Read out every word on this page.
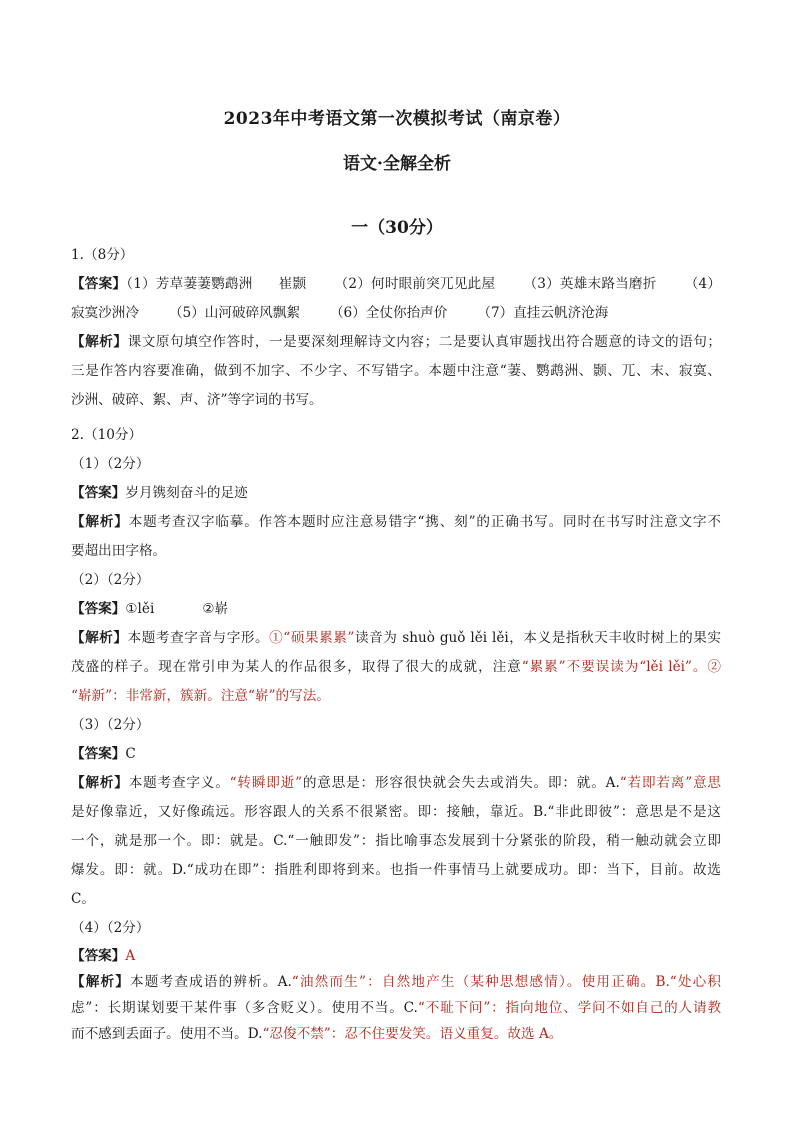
2023年中考语文第一次模拟考试（南京卷）
语文·全解全析
一（30分）
1.（8分）
【答案】（1）芳草萋萋鹦鹉洲 崔颢 （2）何时眼前突兀见此屋 （3）英雄末路当磨折 （4）
寂寞沙洲冷 （5）山河破碎风飘絮 （6）全仗你抬声价 （7）直挂云帆济沧海
【解析】课文原句填空作答时，一是要深刻理解诗文内容；二是要认真审题找出符合题意的诗文的语句；
三是作答内容要准确，做到不加字、不少字、不写错字。本题中注意“萋、鹦鹉洲、颢、兀、末、寂寞、
沙洲、破碎、絮、声、济”等字词的书写。
2.（10分）
（1）（2分）
【答案】岁月镌刻奋斗的足迹
【解析】本题考查汉字临摹。作答本题时应注意易错字“携、刻”的正确书写。同时在书写时注意文字不
要超出田字格。
（2）（2分）
【答案】①lěi	②崭
【解析】本题考查字音与字形。①“硕果累累”读音为 shuò guǒ lěi lěi，本义是指秋天丰收时树上的果实
茂盛的样子。现在常引申为某人的作品很多，取得了很大的成就，注意“累累”不要误读为“lěi lěi”。②
“崭新”：非常新，簇新。注意“崭”的写法。
（3）（2分）
【答案】C
【解析】本题考查字义。“转瞬即逝”的意思是：形容很快就会失去或消失。即：就。A.“若即若离”意思
是好像靠近，又好像疏远。形容跟人的关系不很紧密。即：接触，靠近。B.“非此即彼”：意思是不是这
一个，就是那一个。即：就是。C.“一触即发”：指比喻事态发展到十分紧张的阶段，稍一触动就会立即
爆发。即：就。D.“成功在即”：指胜利即将到来。也指一件事情马上就要成功。即：当下，目前。故选
C。
（4）（2分）
【答案】A
【解析】本题考查成语的辨析。A.“油然而生”：自然地产生（某种思想感情）。使用正确。B.“处心积
虑”：长期谋划要干某件事（多含贬义）。使用不当。C.“不耻下问”：指向地位、学问不如自己的人请教
而不感到丢面子。使用不当。D.“忍俊不禁”：忍不住要发笑。语义重复。故选 A。
